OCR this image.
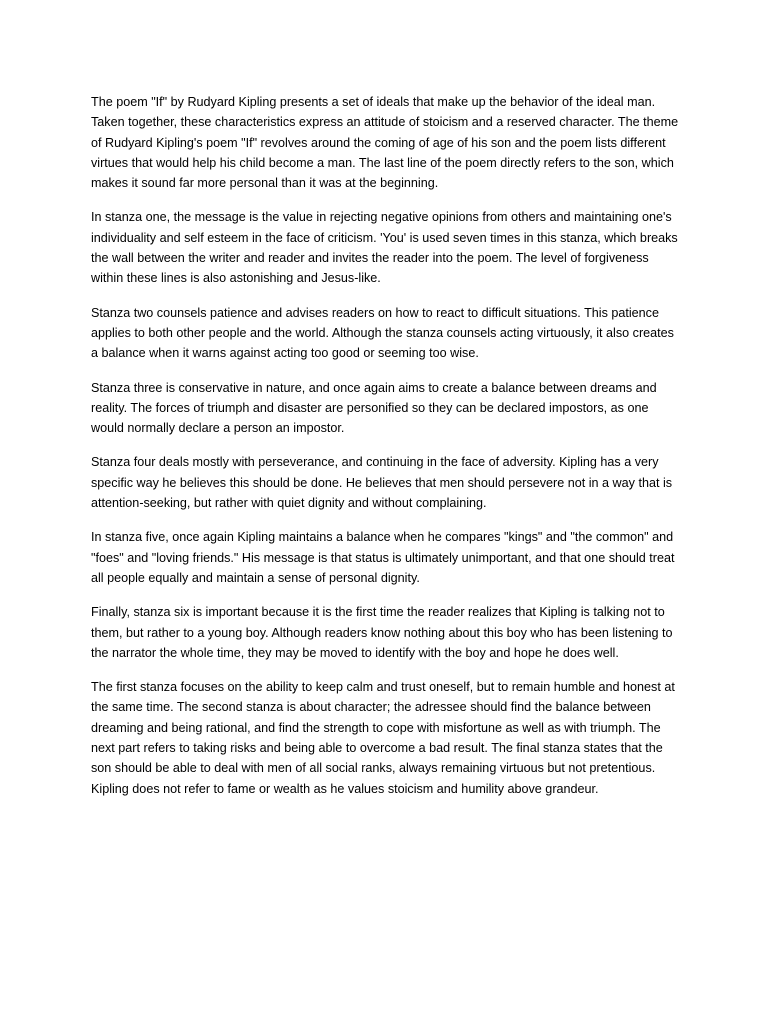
The poem "If" by Rudyard Kipling presents a set of ideals that make up the behavior of the ideal man. Taken together, these characteristics express an attitude of stoicism and a reserved character. The theme of Rudyard Kipling's poem "If" revolves around the coming of age of his son and the poem lists different virtues that would help his child become a man. The last line of the poem directly refers to the son, which makes it sound far more personal than it was at the beginning.

In stanza one, the message is the value in rejecting negative opinions from others and maintaining one's individuality and self esteem in the face of criticism. 'You' is used seven times in this stanza, which breaks the wall between the writer and reader and invites the reader into the poem. The level of forgiveness within these lines is also astonishing and Jesus-like.

Stanza two counsels patience and advises readers on how to react to difficult situations. This patience applies to both other people and the world. Although the stanza counsels acting virtuously, it also creates a balance when it warns against acting too good or seeming too wise.

Stanza three is conservative in nature, and once again aims to create a balance between dreams and reality. The forces of triumph and disaster are personified so they can be declared impostors, as one would normally declare a person an impostor.

Stanza four deals mostly with perseverance, and continuing in the face of adversity. Kipling has a very specific way he believes this should be done. He believes that men should persevere not in a way that is attention-seeking, but rather with quiet dignity and without complaining.

In stanza five, once again Kipling maintains a balance when he compares "kings" and "the common" and "foes" and "loving friends." His message is that status is ultimately unimportant, and that one should treat all people equally and maintain a sense of personal dignity.

Finally, stanza six is important because it is the first time the reader realizes that Kipling is talking not to them, but rather to a young boy. Although readers know nothing about this boy who has been listening to the narrator the whole time, they may be moved to identify with the boy and hope he does well.

The first stanza focuses on the ability to keep calm and trust oneself, but to remain humble and honest at the same time. The second stanza is about character; the adressee should find the balance between dreaming and being rational, and find the strength to cope with misfortune as well as with triumph. The next part refers to taking risks and being able to overcome a bad result. The final stanza states that the son should be able to deal with men of all social ranks, always remaining virtuous but not pretentious. Kipling does not refer to fame or wealth as he values stoicism and humility above grandeur.
